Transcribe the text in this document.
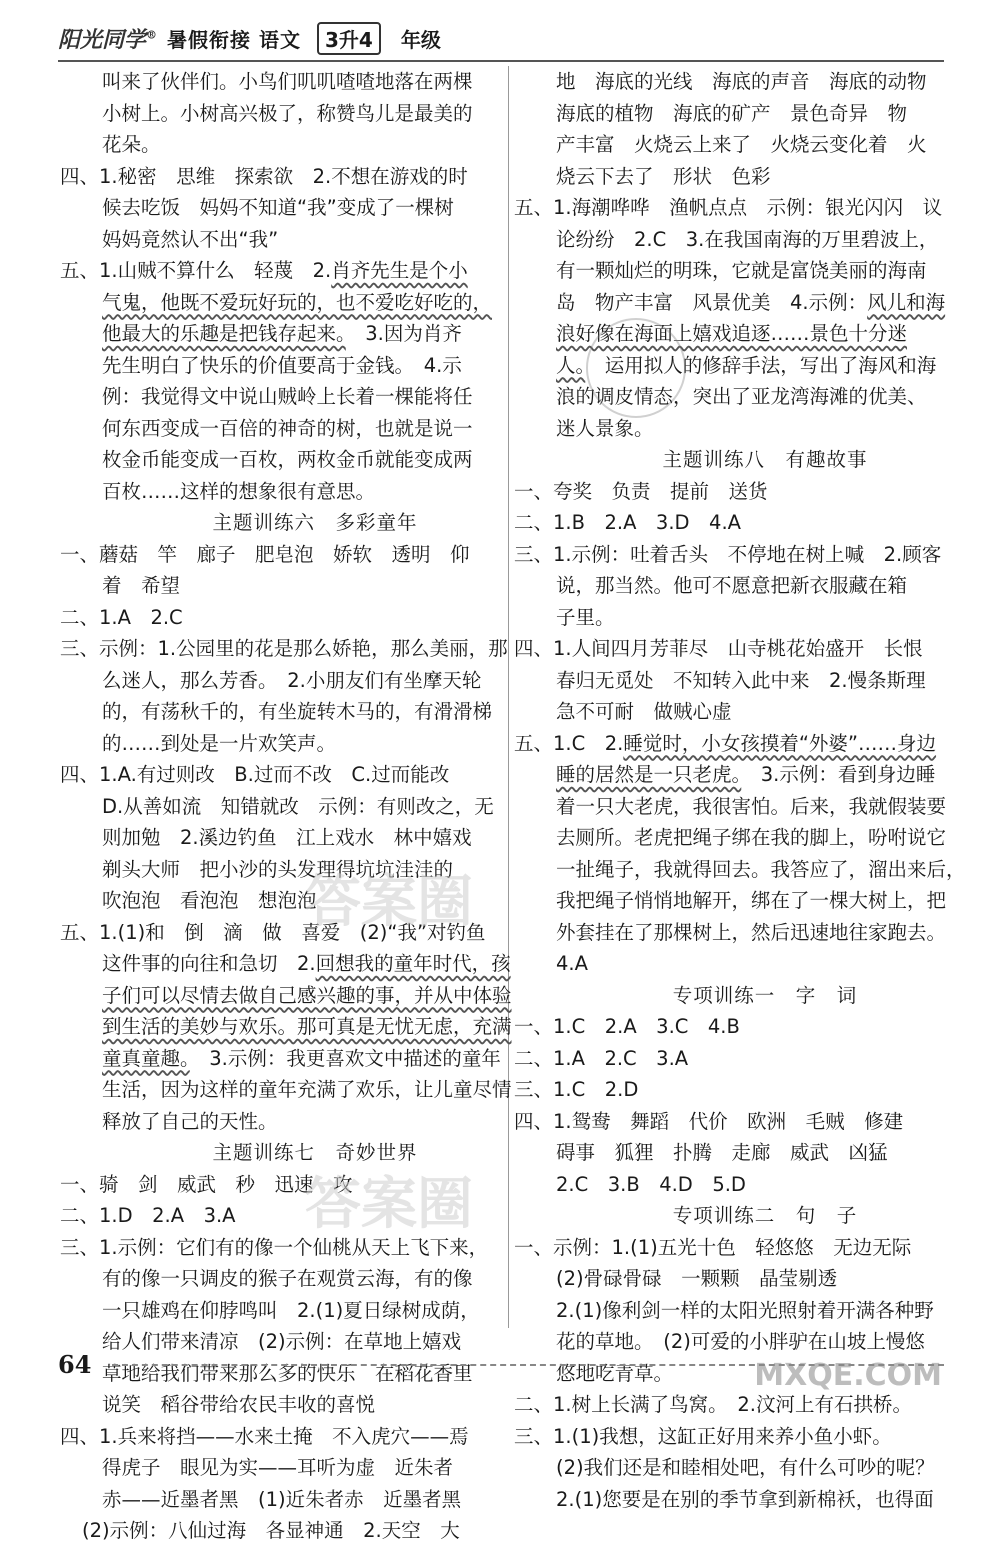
阳光同学® 暑假衔接 语文	3升4	年级
叫来了伙伴们。小鸟们叽叽喳喳地落在两棵
小树上。小树高兴极了，称赞鸟儿是最美的
花朵。
四、1.秘密　思维　探索欲　2.不想在游戏的时
候去吃饭　妈妈不知道“我”变成了一棵树
妈妈竟然认不出“我”
五、1.山贼不算什么　轻蔑　2.肖齐先生是个小
气鬼，他既不爱玩好玩的，也不爱吃好吃的，
他最大的乐趣是把钱存起来。　3.因为肖齐
先生明白了快乐的价值要高于金钱。　4.示
例：我觉得文中说山贼岭上长着一棵能将任
何东西变成一百倍的神奇的树，也就是说一
枚金币能变成一百枚，两枚金币就能变成两
百枚……这样的想象很有意思。
主题训练六　多彩童年
一、蘑菇　竿　廊子　肥皂泡　娇软　透明　仰
着　希望
二、1.A　2.C
三、示例：1.公园里的花是那么娇艳，那么美丽，那
么迷人，那么芳香。　2.小朋友们有坐摩天轮
的，有荡秋千的，有坐旋转木马的，有滑滑梯
的……到处是一片欢笑声。
四、1.A.有过则改　B.过而不改　C.过而能改
D.从善如流　知错就改　示例：有则改之，无
则加勉　2.溪边钓鱼　江上戏水　林中嬉戏
剃头大师　把小沙的头发理得坑坑洼洼的
吹泡泡　看泡泡　想泡泡
五、1.(1)和　倒　滴　做　喜爱　(2)“我”对钓鱼
这件事的向往和急切　2.回想我的童年时代，孩
子们可以尽情去做自己感兴趣的事，并从中体验
到生活的美妙与欢乐。那可真是无忧无虑，充满
童真童趣。　3.示例：我更喜欢文中描述的童年
生活，因为这样的童年充满了欢乐，让儿童尽情
释放了自己的天性。
主题训练七　奇妙世界
一、骑　剑　威武　秒　迅速　攻
二、1.D　2.A　3.A
三、1.示例：它们有的像一个仙桃从天上飞下来，
有的像一只调皮的猴子在观赏云海，有的像
一只雄鸡在仰脖鸣叫　2.(1)夏日绿树成荫，
给人们带来清凉　(2)示例：在草地上嬉戏
草地给我们带来那么多的快乐　在稻花香里
说笑　稻谷带给农民丰收的喜悦
四、1.兵来将挡——水来土掩　不入虎穴——焉
得虎子　眼见为实——耳听为虚　近朱者
赤——近墨者黑　(1)近朱者赤　近墨者黑
(2)示例：八仙过海　各显神通　2.天空　大
地　海底的光线　海底的声音　海底的动物
海底的植物　海底的矿产　景色奇异　物
产丰富　火烧云上来了　火烧云变化着　火
烧云下去了　形状　色彩
五、1.海潮哗哗　渔帆点点　示例：银光闪闪　议
论纷纷　2.C　3.在我国南海的万里碧波上，
有一颗灿烂的明珠，它就是富饶美丽的海南
岛　物产丰富　风景优美　4.示例：风儿和海
浪好像在海面上嬉戏追逐……景色十分迷
人。　运用拟人的修辞手法，写出了海风和海
浪的调皮情态，突出了亚龙湾海滩的优美、
迷人景象。
主题训练八　有趣故事
一、夸奖　负责　提前　送货
二、1.B　2.A　3.D　4.A
三、1.示例：吐着舌头　不停地在树上喊　2.顾客
说，那当然。他可不愿意把新衣服藏在箱
子里。
四、1.人间四月芳菲尽　山寺桃花始盛开　长恨
春归无觅处　不知转入此中来　2.慢条斯理
急不可耐　做贼心虚
五、1.C　2.睡觉时，小女孩摸着“外婆”……身边
睡的居然是一只老虎。　3.示例：看到身边睡
着一只大老虎，我很害怕。后来，我就假装要
去厕所。老虎把绳子绑在我的脚上，吩咐说它
一扯绳子，我就得回去。我答应了，溜出来后，
我把绳子悄悄地解开，绑在了一棵大树上，把
外套挂在了那棵树上，然后迅速地往家跑去。
4.A
专项训练一　字　词
一、1.C　2.A　3.C　4.B
二、1.A　2.C　3.A
三、1.C　2.D
四、1.鸳鸯　舞蹈　代价　欧洲　毛贼　修建
碍事　狐狸　扑腾　走廊　威武　凶猛
2.C　3.B　4.D　5.D
专项训练二　句　子
一、示例：1.(1)五光十色　轻悠悠　无边无际
(2)骨碌骨碌　一颗颗　晶莹剔透
2.(1)像利剑一样的太阳光照射着开满各种野
花的草地。　(2)可爱的小胖驴在山坡上慢悠
悠地吃青草。
二、1.树上长满了鸟窝。　2.汶河上有石拱桥。
三、1.(1)我想，这缸正好用来养小鱼小虾。
(2)我们还是和睦相处吧，有什么可吵的呢？
2.(1)您要是在别的季节拿到新棉袄，也得面
答案圈
答案圈
MXQE.COM
64
